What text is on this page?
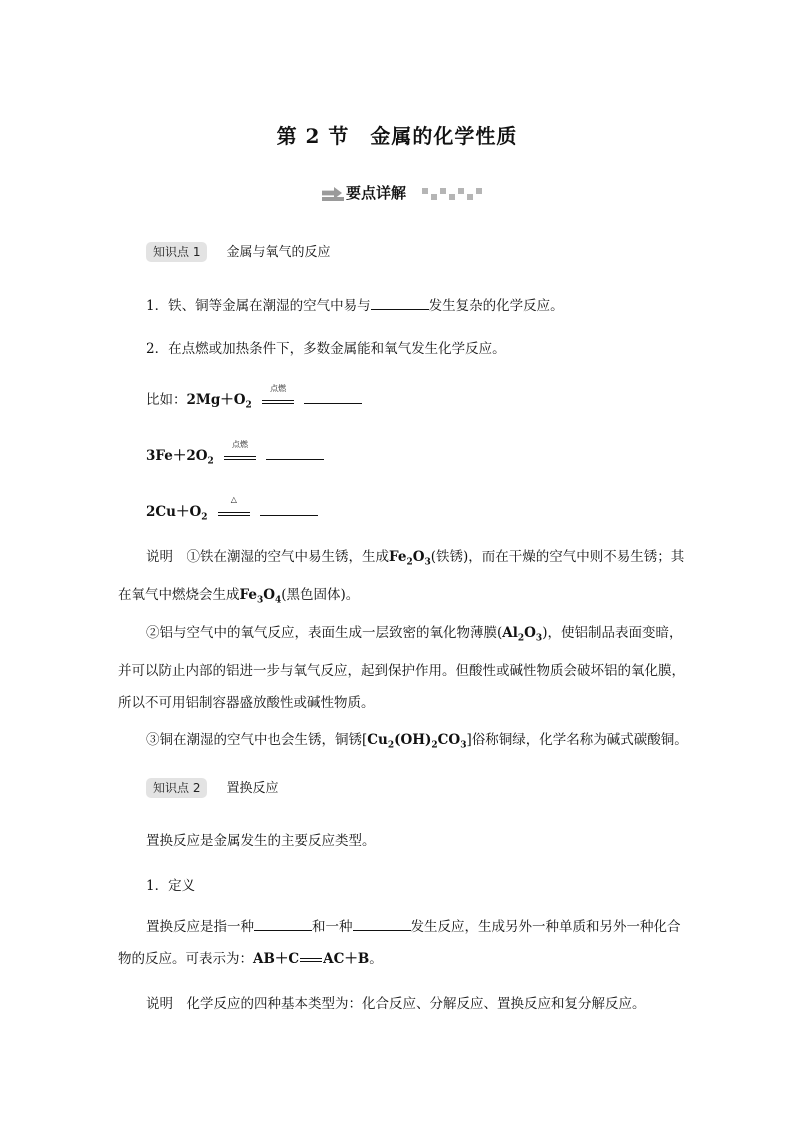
第 2 节　金属的化学性质
要点详解
知识点 1 金属与氧气的反应
1．铁、铜等金属在潮湿的空气中易与	发生复杂的化学反应。
2．在点燃或加热条件下，多数金属能和氧气发生化学反应。
比如：$2Mg+O_2$
点燃

$3Fe+2O_2$
点燃

$2Cu+O_2$
△

说明　 ①铁在潮湿的空气中易生锈，生成$Fe_2O_3$(铁锈)，而在干燥的空气中则不易生锈；其在氧气中燃烧会生成$Fe_3O_4$(黑色固体)。
②铝与空气中的氧气反应，表面生成一层致密的氧化物薄膜$(Al_2O_3)$，使铝制品表面变暗，并可以防止内部的铝进一步与氧气反应，起到保护作用。但酸性或碱性物质会破坏铝的氧化膜，所以不可用铝制容器盛放酸性或碱性物质。
③铜在潮湿的空气中也会生锈，铜锈$[Cu_2(OH)_2CO_3]$俗称铜绿，化学名称为碱式碳酸铜。
知识点 2 置换反应
置换反应是金属发生的主要反应类型。
1．定义
置换反应是指一种	和一种	发生反应，生成另外一种单质和另外一种化合物的反应。可表示为：AB＋C AC＋B。
说明　 化学反应的四种基本类型为：化合反应、分解反应、置换反应和复分解反应。
